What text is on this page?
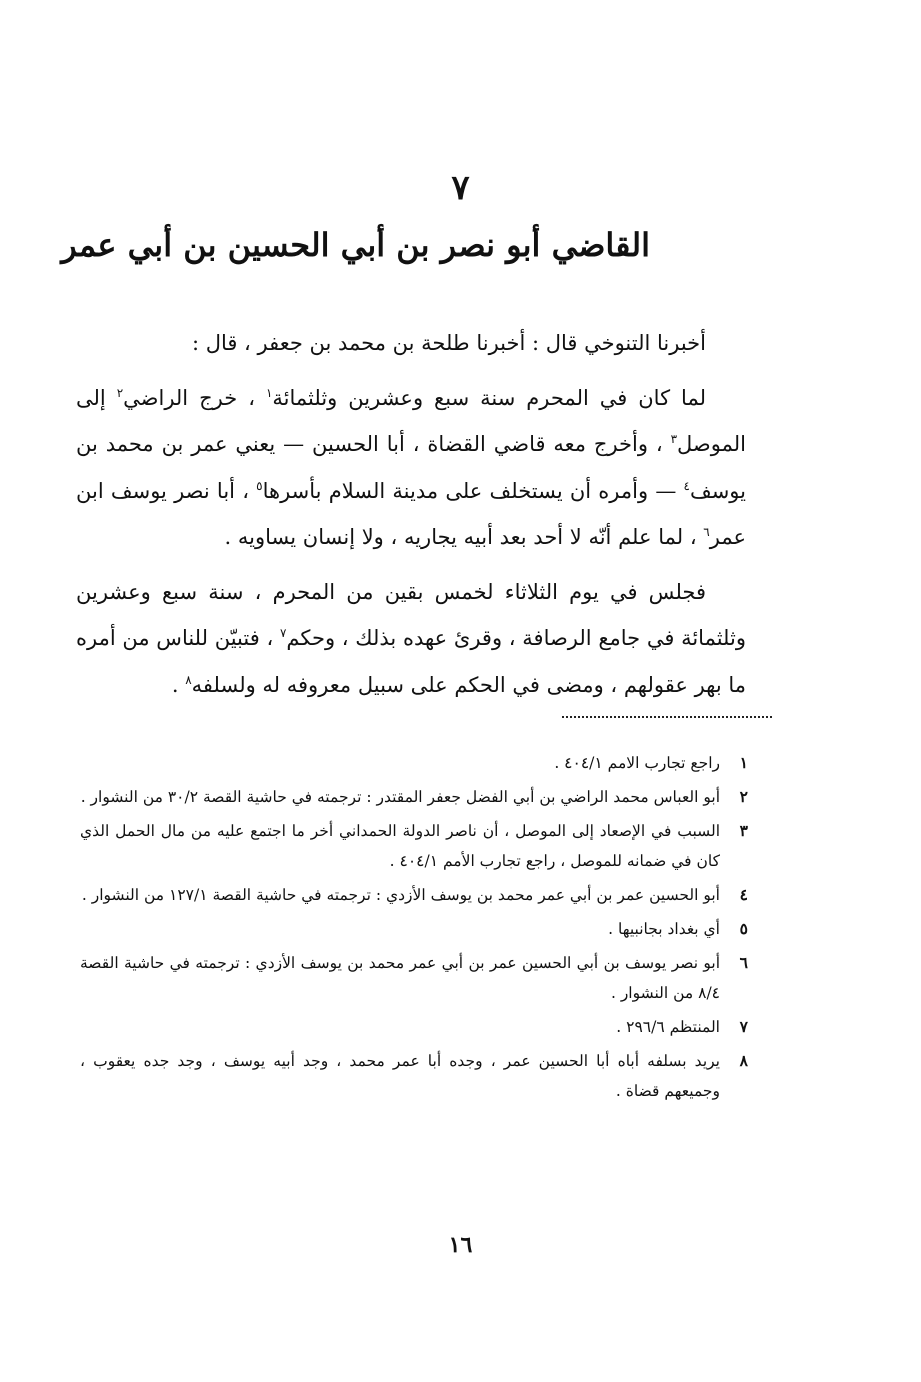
٧
القاضي أبو نصر بن أبي الحسين بن أبي عمر

أخبرنا التنوخي قال : أخبرنا طلحة بن محمد بن جعفر ، قال :

لما كان في المحرم سنة سبع وعشرين وثلثمائة$^١$ ، خرج الراضي$^٢$ إلى الموصل$^٣$ ، وأخرج معه قاضي القضاة ، أبا الحسين — يعني عمر بن محمد بن يوسف$^٤$ — وأمره أن يستخلف على مدينة السلام بأسرها$^٥$ ، أبا نصر يوسف ابن عمر$^٦$ ، لما علم أنّه لا أحد بعد أبيه يجاريه ، ولا إنسان يساويه .

فجلس في يوم الثلاثاء لخمس بقين من المحرم ، سنة سبع وعشرين وثلثمائة في جامع الرصافة ، وقرئ عهده بذلك ، وحكم$^٧$ ، فتبيّن للناس من أمره ما بهر عقولهم ، ومضى في الحكم على سبيل معروفه له ولسلفه$^٨$ .

١
راجع تجارب الامم ٤٠٤/١ .
٢
أبو العباس محمد الراضي بن أبي الفضل جعفر المقتدر : ترجمته في حاشية القصة ٣٠/٢ من النشوار .
٣
السبب في الإصعاد إلى الموصل ، أن ناصر الدولة الحمداني أخر ما اجتمع عليه من مال الحمل الذي كان في ضمانه للموصل ، راجع تجارب الأمم ٤٠٤/١ .
٤
أبو الحسين عمر بن أبي عمر محمد بن يوسف الأزدي : ترجمته في حاشية القصة ١٢٧/١ من النشوار .
٥
أي بغداد بجانبيها .
٦
أبو نصر يوسف بن أبي الحسين عمر بن أبي عمر محمد بن يوسف الأزدي : ترجمته في حاشية القصة ٨/٤ من النشوار .
٧
المنتظم ٢٩٦/٦ .
٨
يريد بسلفه أباه أبا الحسين عمر ، وجده أبا عمر محمد ، وجد أبيه يوسف ، وجد جده يعقوب ، وجميعهم قضاة .
١٦
